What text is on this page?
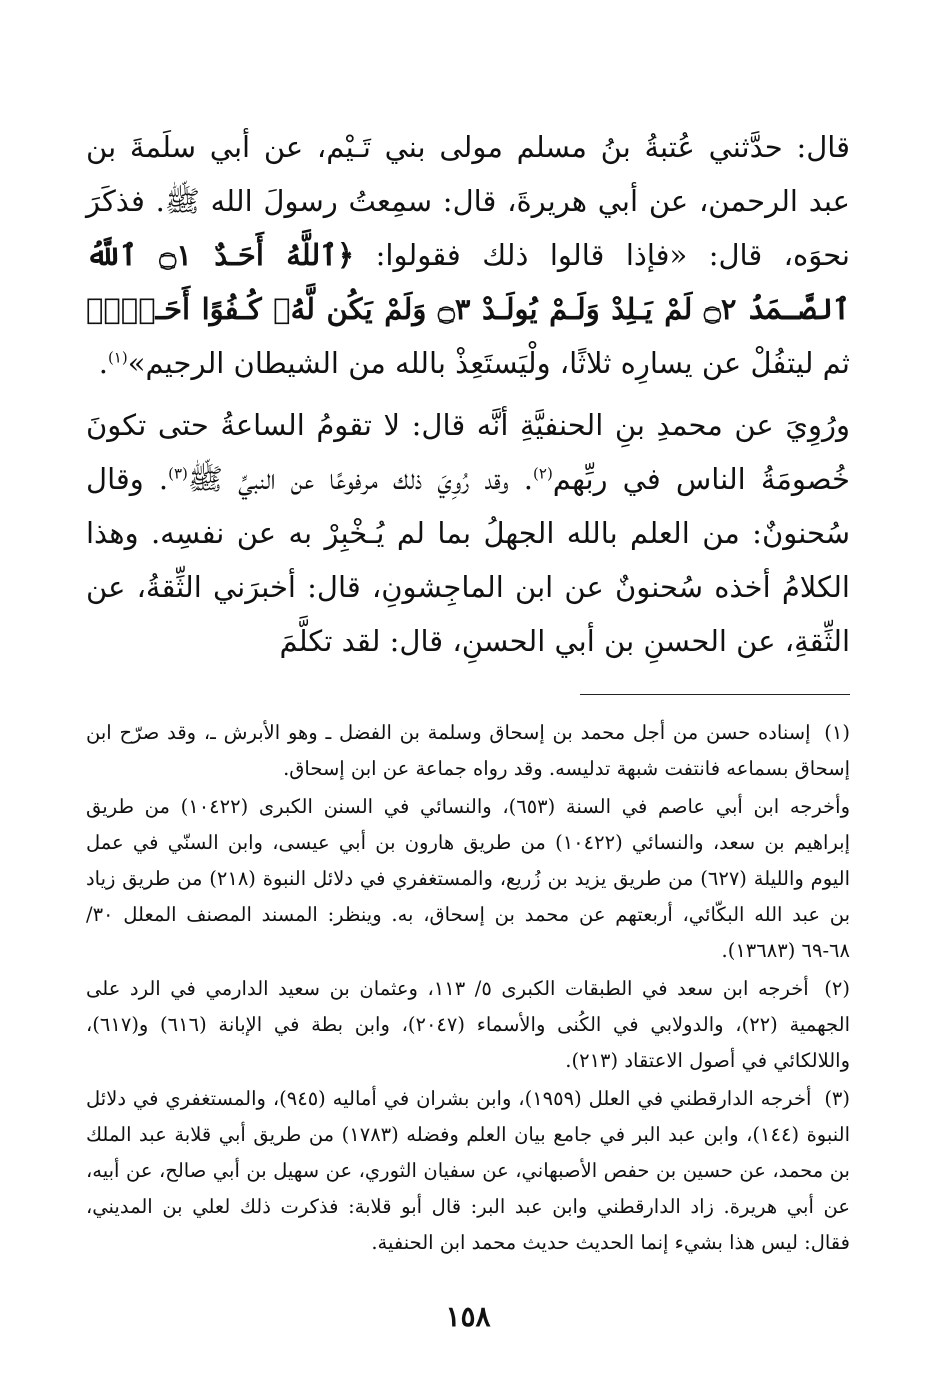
قال: حدَّثني عُتبةُ بنُ مسلم مولى بني تَـيْم، عن أبي سلَمةَ بن عبد الرحمن، عن أبي هريرةَ، قال: سمِعتُ رسولَ الله ﷺ. فذكَرَ نحوَه، قال: «فإذا قالوا ذلك فقولوا: ﴿ٱللَّهُ أَحَـدٌ ۝١ ٱللَّهُ ٱلصَّـمَدُ ۝٢ لَمْ يَـلِدْ وَلَـمْ يُولَـدْ ۝٣ وَلَمْ يَكُن لَّهُۥ كُـفُوًا أَحَـدٌۢ﴾ ثم ليتفُلْ عن يسارِه ثلاثًا، ولْيَستَعِذْ بالله من الشيطان الرجيم»$^{(١)}$.

ورُوِيَ عن محمدِ بنِ الحنفيَّةِ أنَّه قال: لا تقومُ الساعةُ حتى تكونَ خُصومَةُ الناس في ربِّهم$^{(٢)}$. وقد رُوِيَ ذلك مرفوعًا عن النبيِّ ﷺ$^{(٣)}$. وقال سُحنونٌ: من العلم بالله الجهلُ بما لم يُـخْبِرْ به عن نفسِه. وهذا الكلامُ أخذه سُحنونٌ عن ابن الماجِشونِ، قال: أخبرَني الثِّقةُ، عن الثِّقةِ، عن الحسنِ بن أبي الحسنِ، قال: لقد تكلَّمَ

(١) إسناده حسن من أجل محمد بن إسحاق وسلمة بن الفضل ـ وهو الأبرش ـ، وقد صرّح ابن إسحاق بسماعه فانتفت شبهة تدليسه. وقد رواه جماعة عن ابن إسحاق.

وأخرجه ابن أبي عاصم في السنة (٦٥٣)، والنسائي في السنن الكبرى (١٠٤٢٢) من طريق إبراهيم بن سعد، والنسائي (١٠٤٢٢) من طريق هارون بن أبي عيسى، وابن السنّي في عمل اليوم والليلة (٦٢٧) من طريق يزيد بن زُريع، والمستغفري في دلائل النبوة (٢١٨) من طريق زياد بن عبد الله البكّائي، أربعتهم عن محمد بن إسحاق، به. وينظر: المسند المصنف المعلل ٣٠/ ٦٨-٦٩ (١٣٦٨٣).

(٢) أخرجه ابن سعد في الطبقات الكبرى ٥/ ١١٣، وعثمان بن سعيد الدارمي في الرد على الجهمية (٢٢)، والدولابي في الكُنى والأسماء (٢٠٤٧)، وابن بطة في الإبانة (٦١٦) و(٦١٧)، واللالكائي في أصول الاعتقاد (٢١٣).

(٣) أخرجه الدارقطني في العلل (١٩٥٩)، وابن بشران في أماليه (٩٤٥)، والمستغفري في دلائل النبوة (١٤٤)، وابن عبد البر في جامع بيان العلم وفضله (١٧٨٣) من طريق أبي قلابة عبد الملك بن محمد، عن حسين بن حفص الأصبهاني، عن سفيان الثوري، عن سهيل بن أبي صالح، عن أبيه، عن أبي هريرة. زاد الدارقطني وابن عبد البر: قال أبو قلابة: فذكرت ذلك لعلي بن المديني، فقال: ليس هذا بشيء إنما الحديث حديث محمد ابن الحنفية.

١٥٨
